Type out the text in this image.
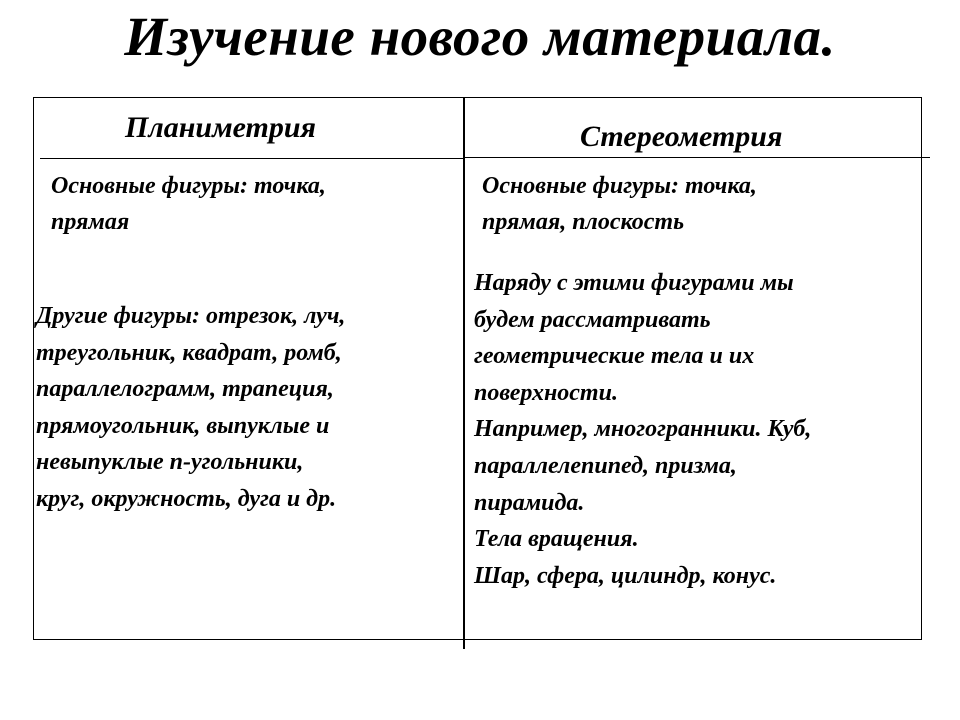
Изучение нового материала.
Планиметрия	Стереометрия
Основные фигуры: точка,
прямая
Основные фигуры: точка,
прямая, плоскость
Другие фигуры: отрезок, луч,
треугольник, квадрат, ромб,
параллелограмм, трапеция,
прямоугольник, выпуклые и
невыпуклые n-угольники,
круг, окружность, дуга и др.
Наряду с этими фигурами мы
будем рассматривать
геометрические тела и их
поверхности.
Например, многогранники. Куб,
параллелепипед, призма,
пирамида.
Тела вращения.
Шар, сфера, цилиндр, конус.
